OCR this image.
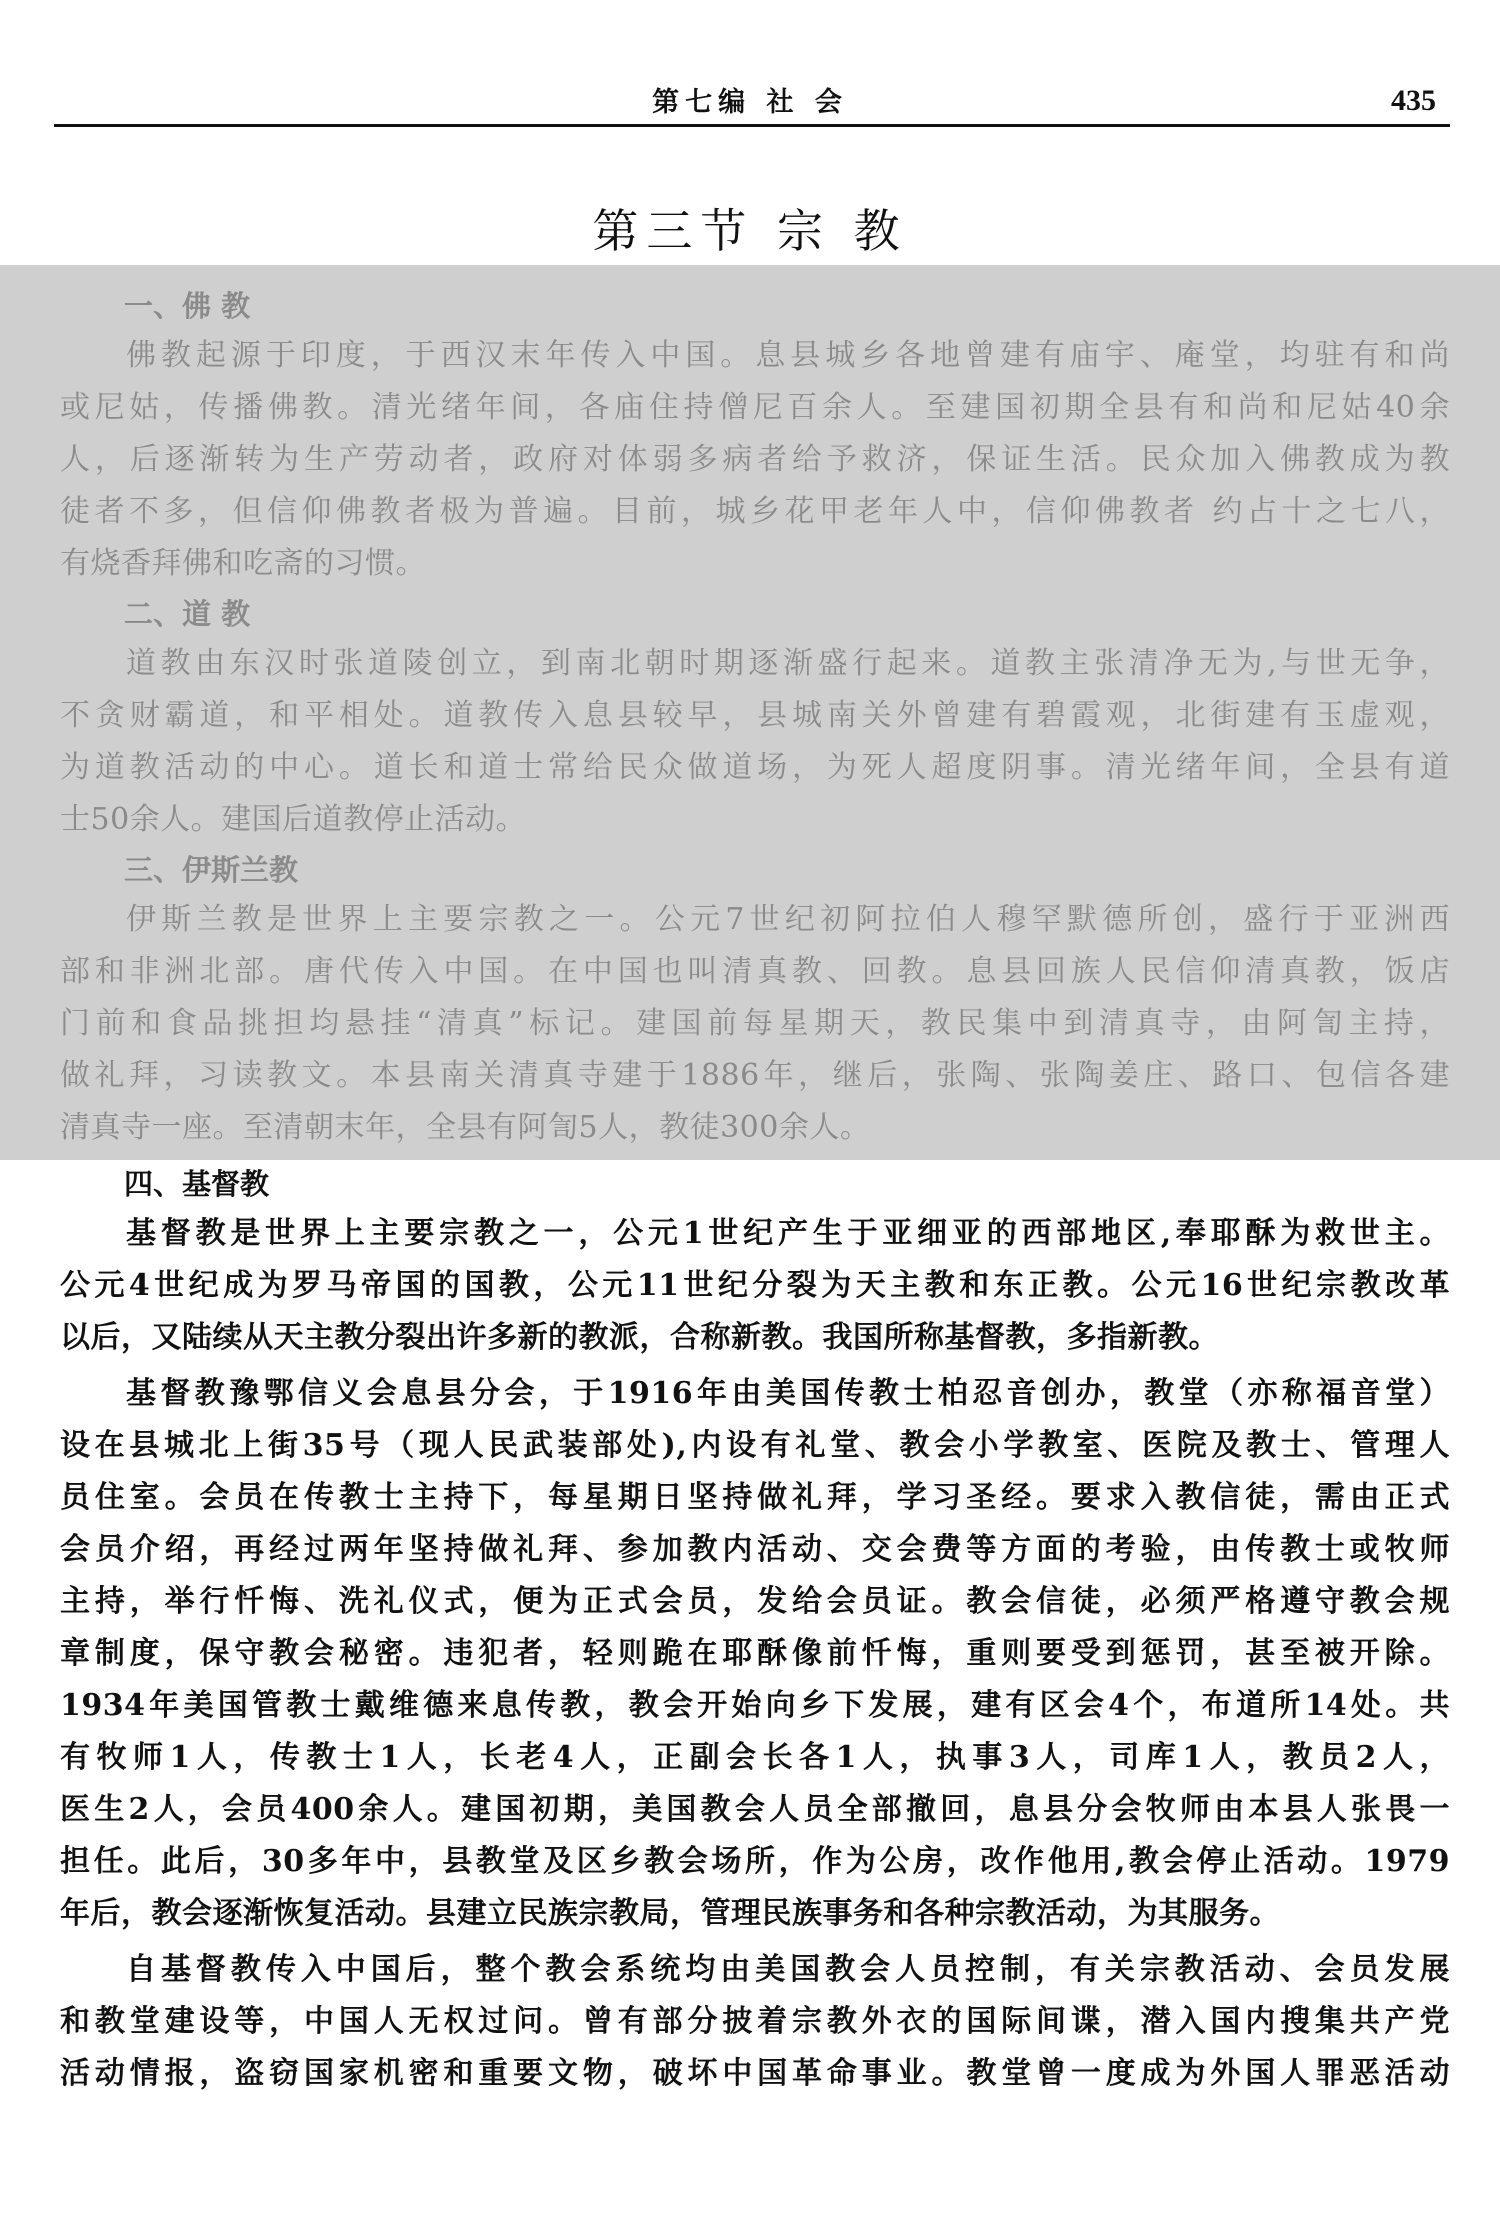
第七编 社 会	435
第三节 宗 教
一、佛 教
佛教起源于印度，于西汉末年传入中国。息县城乡各地曾建有庙宇、庵堂，均驻有和尚
或尼姑，传播佛教。清光绪年间，各庙住持僧尼百余人。至建国初期全县有和尚和尼姑40余
人，后逐渐转为生产劳动者，政府对体弱多病者给予救济，保证生活。民众加入佛教成为教
徒者不多，但信仰佛教者极为普遍。目前，城乡花甲老年人中，信仰佛教者 约占十之七八，
有烧香拜佛和吃斋的习惯。
二、道 教
道教由东汉时张道陵创立，到南北朝时期逐渐盛行起来。道教主张清净无为,与世无争，
不贪财霸道，和平相处。道教传入息县较早，县城南关外曾建有碧霞观，北街建有玉虚观，
为道教活动的中心。道长和道士常给民众做道场，为死人超度阴事。清光绪年间，全县有道
士50余人。建国后道教停止活动。
三、伊斯兰教
伊斯兰教是世界上主要宗教之一。公元7世纪初阿拉伯人穆罕默德所创，盛行于亚洲西
部和非洲北部。唐代传入中国。在中国也叫清真教、回教。息县回族人民信仰清真教，饭店
门前和食品挑担均悬挂“清真”标记。建国前每星期天，教民集中到清真寺，由阿訇主持，
做礼拜，习读教文。本县南关清真寺建于1886年，继后，张陶、张陶姜庄、路口、包信各建
清真寺一座。至清朝末年，全县有阿訇5人，教徒300余人。
四、基督教
基督教是世界上主要宗教之一，公元1世纪产生于亚细亚的西部地区,奉耶酥为救世主。
公元4世纪成为罗马帝国的国教，公元11世纪分裂为天主教和东正教。公元16世纪宗教改革
以后，又陆续从天主教分裂出许多新的教派，合称新教。我国所称基督教，多指新教。
基督教豫鄂信义会息县分会，于1916年由美国传教士柏忍音创办，教堂（亦称福音堂）
设在县城北上街35号（现人民武装部处),内设有礼堂、教会小学教室、医院及教士、管理人
员住室。会员在传教士主持下，每星期日坚持做礼拜，学习圣经。要求入教信徒，需由正式
会员介绍，再经过两年坚持做礼拜、参加教内活动、交会费等方面的考验，由传教士或牧师
主持，举行忏悔、洗礼仪式，便为正式会员，发给会员证。教会信徒，必须严格遵守教会规
章制度，保守教会秘密。违犯者，轻则跪在耶酥像前忏悔，重则要受到惩罚，甚至被开除。
1934年美国管教士戴维德来息传教，教会开始向乡下发展，建有区会4个，布道所14处。共
有牧师1人，传教士1人，长老4人，正副会长各1人，执事3人，司库1人，教员2人，
医生2人，会员400余人。建国初期，美国教会人员全部撤回，息县分会牧师由本县人张畏一
担任。此后，30多年中，县教堂及区乡教会场所，作为公房，改作他用,教会停止活动。1979
年后，教会逐渐恢复活动。县建立民族宗教局，管理民族事务和各种宗教活动，为其服务。
自基督教传入中国后，整个教会系统均由美国教会人员控制，有关宗教活动、会员发展
和教堂建设等，中国人无权过问。曾有部分披着宗教外衣的国际间谍，潜入国内搜集共产党
活动情报，盗窃国家机密和重要文物，破坏中国革命事业。教堂曾一度成为外国人罪恶活动
